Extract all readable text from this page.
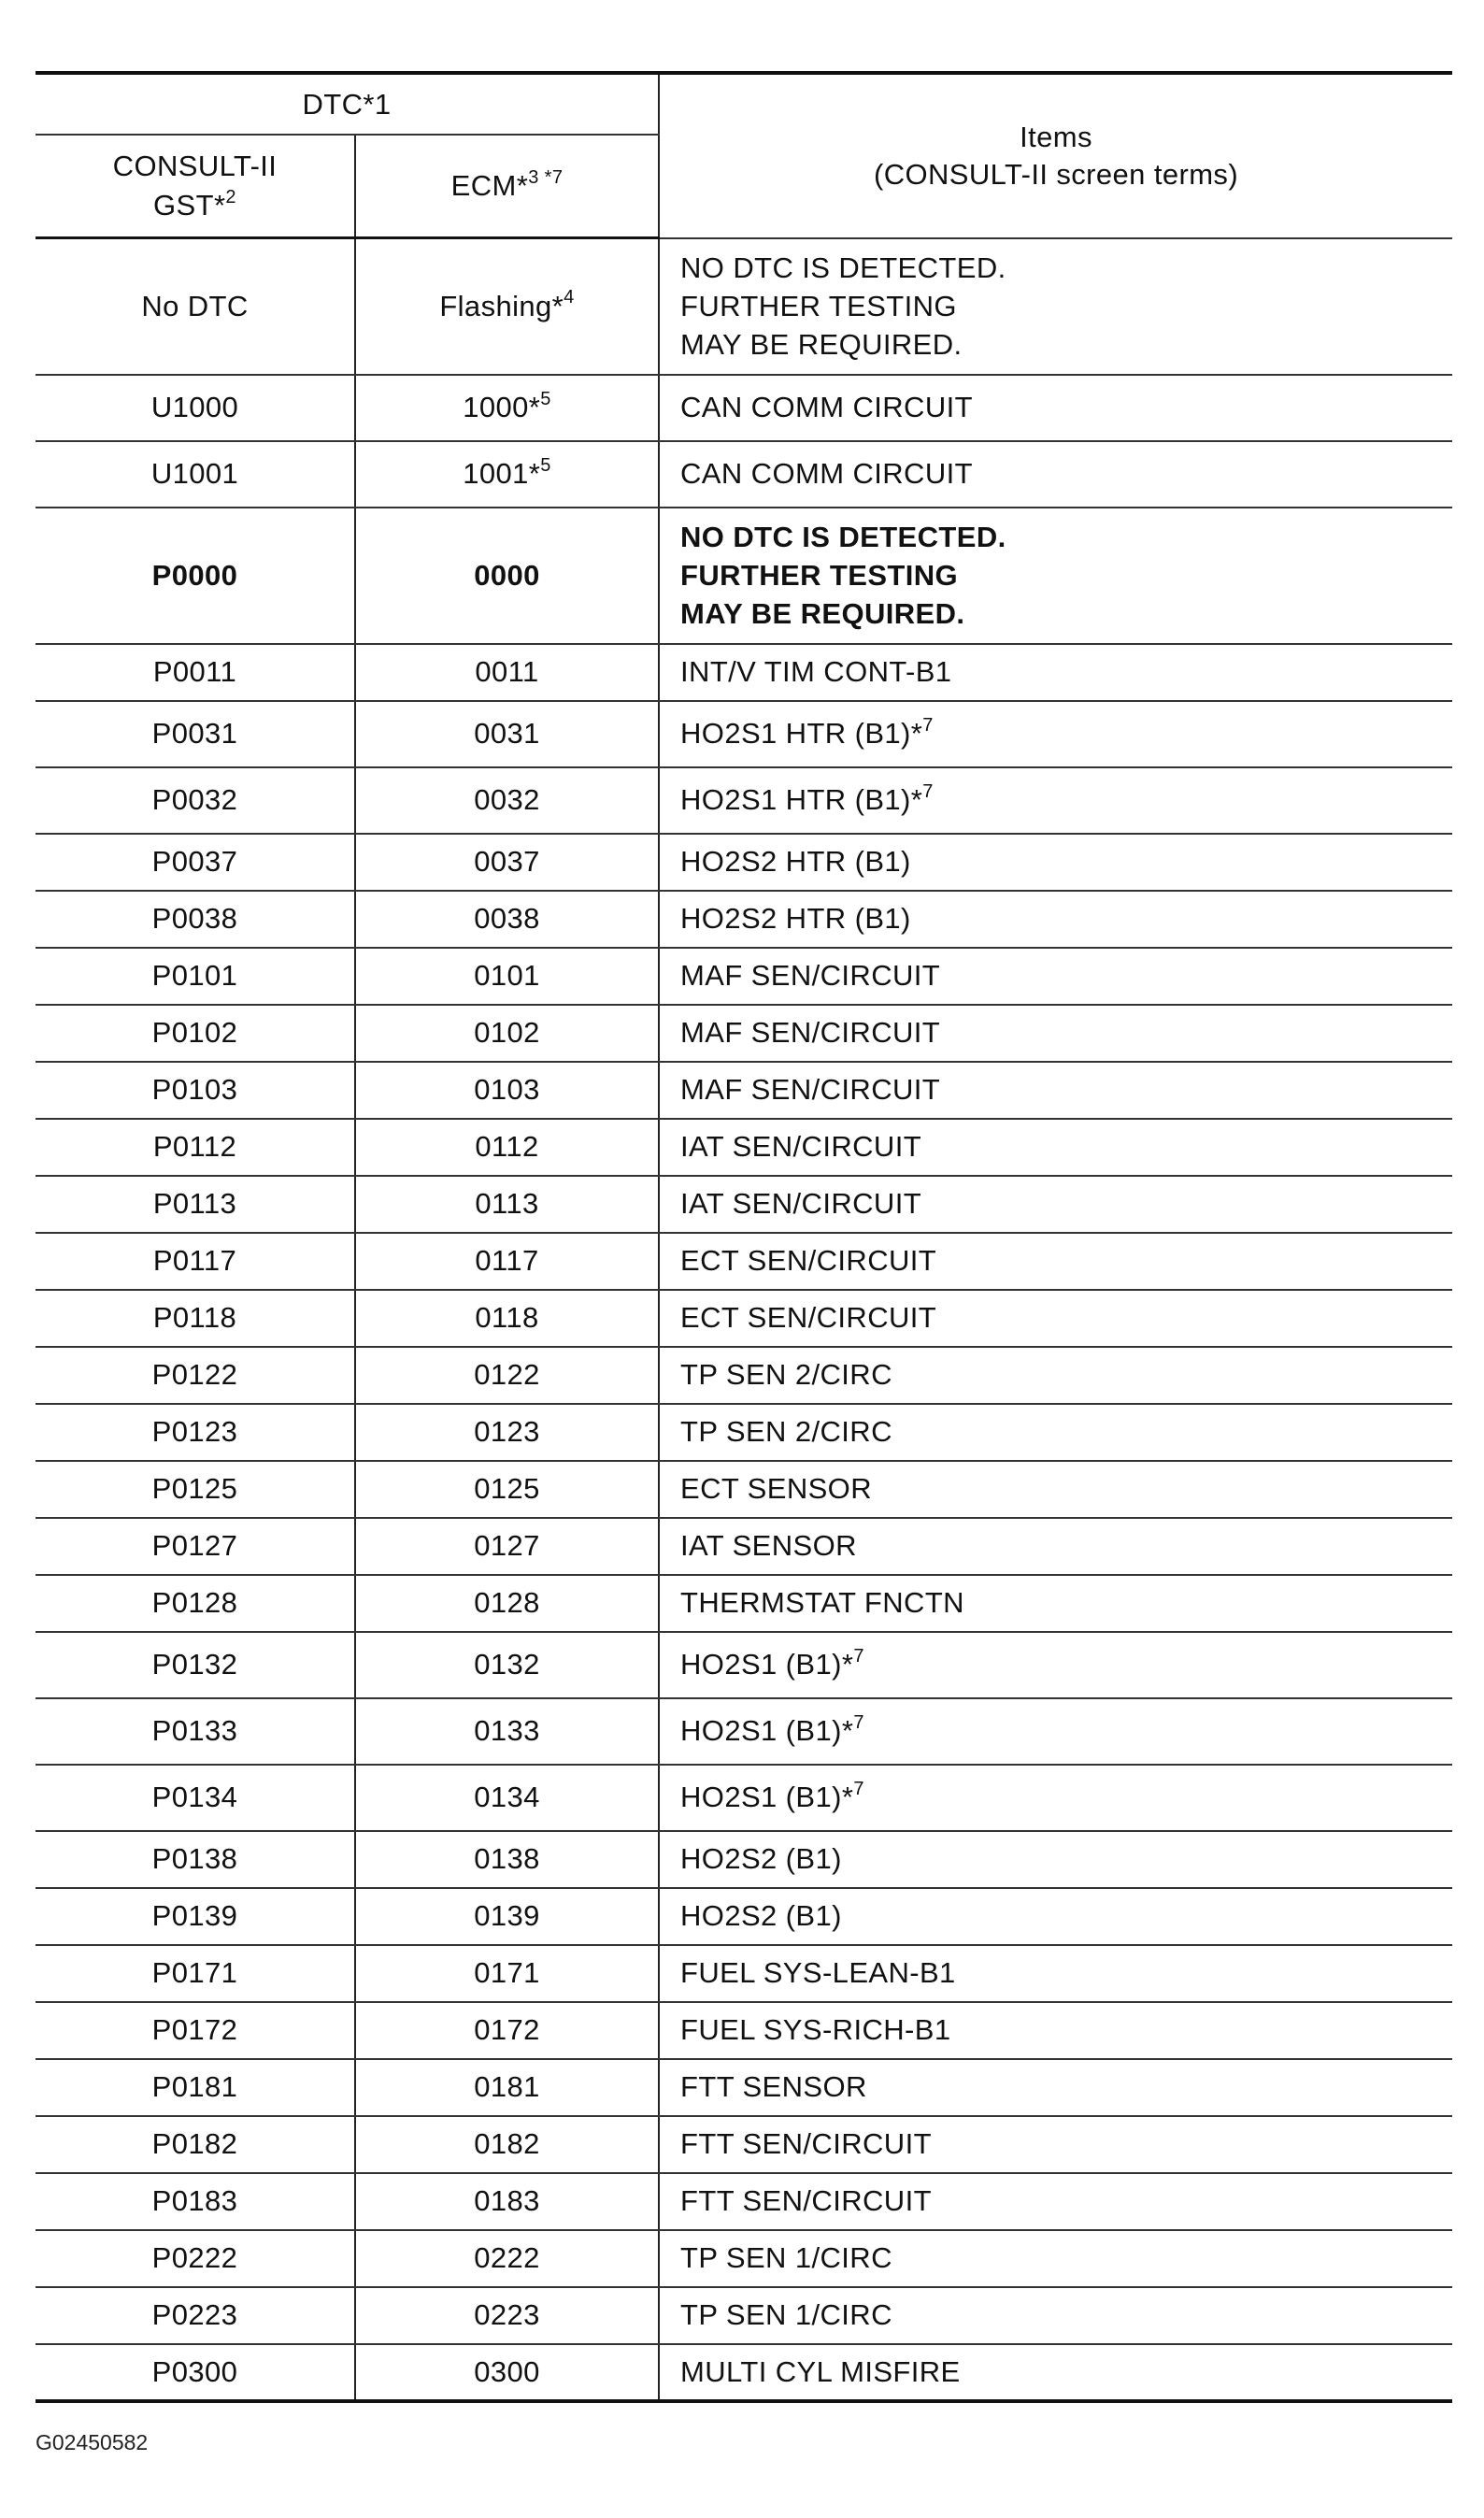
DTC*1		Items
(CONSULT-II screen terms)

CONSULT-II
GST*$^2$	ECM*$^{3 *7}$
No DTC	Flashing*$^4$	NO DTC IS DETECTED.
FURTHER TESTING
MAY BE REQUIRED.

U1000	1000*$^5$	CAN COMM CIRCUIT

U1001	1001*$^5$	CAN COMM CIRCUIT

P0000	0000	NO DTC IS DETECTED.
FURTHER TESTING
MAY BE REQUIRED.

P0011	0011	INT/V TIM CONT-B1

P0031	0031	HO2S1 HTR (B1)*$^7$

P0032	0032	HO2S1 HTR (B1)*$^7$

P0037	0037	HO2S2 HTR (B1)

P0038	0038	HO2S2 HTR (B1)

P0101	0101	MAF SEN/CIRCUIT

P0102	0102	MAF SEN/CIRCUIT

P0103	0103	MAF SEN/CIRCUIT

P0112	0112	IAT SEN/CIRCUIT

P0113	0113	IAT SEN/CIRCUIT

P0117	0117	ECT SEN/CIRCUIT

P0118	0118	ECT SEN/CIRCUIT

P0122	0122	TP SEN 2/CIRC

P0123	0123	TP SEN 2/CIRC

P0125	0125	ECT SENSOR

P0127	0127	IAT SENSOR

P0128	0128	THERMSTAT FNCTN

P0132	0132	HO2S1 (B1)*$^7$

P0133	0133	HO2S1 (B1)*$^7$

P0134	0134	HO2S1 (B1)*$^7$

P0138	0138	HO2S2 (B1)

P0139	0139	HO2S2 (B1)

P0171	0171	FUEL SYS-LEAN-B1

P0172	0172	FUEL SYS-RICH-B1

P0181	0181	FTT SENSOR

P0182	0182	FTT SEN/CIRCUIT

P0183	0183	FTT SEN/CIRCUIT

P0222	0222	TP SEN 1/CIRC

P0223	0223	TP SEN 1/CIRC

P0300	0300	MULTI CYL MISFIRE
G02450582
